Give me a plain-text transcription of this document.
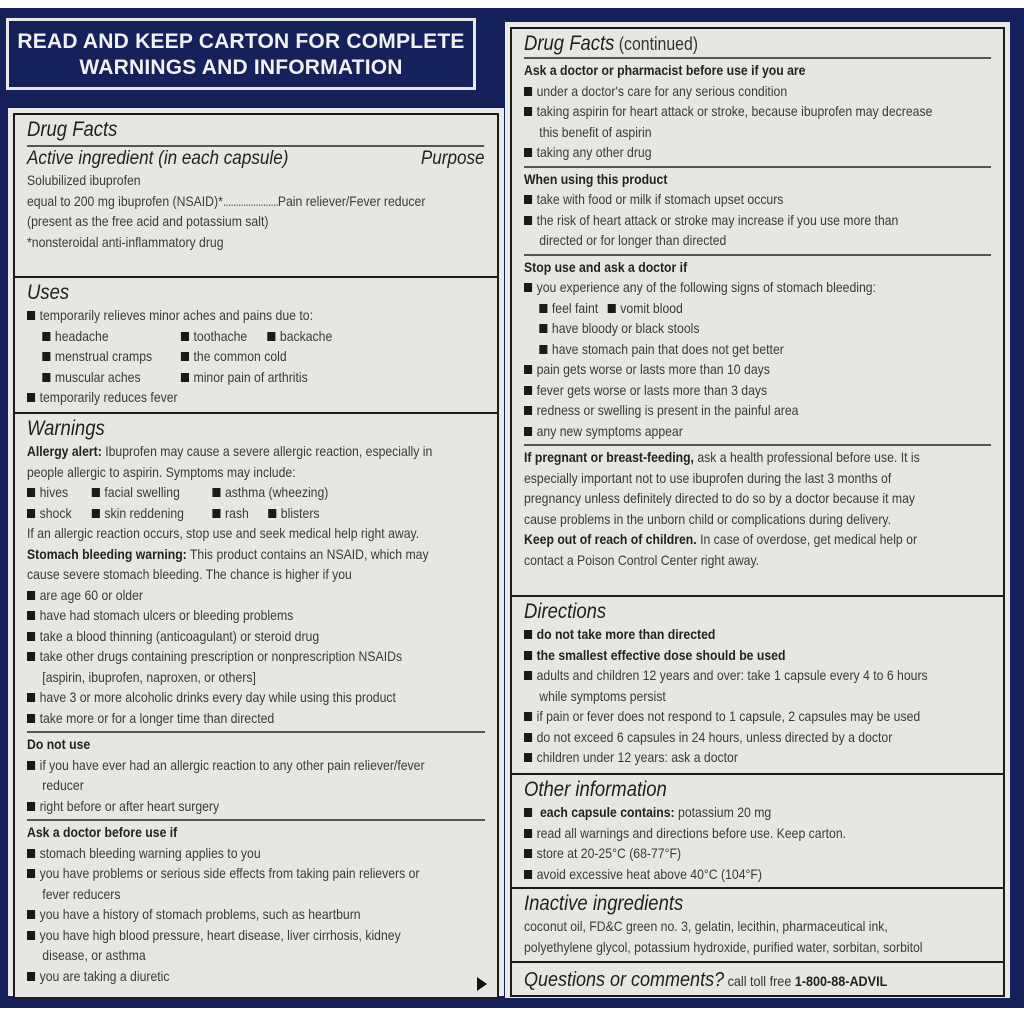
READ AND KEEP CARTON FOR COMPLETE
WARNINGS AND INFORMATION
Drug Facts
Active ingredient (in each capsule)	Purpose
Solubilized ibuprofen
equal to 200 mg ibuprofen (NSAID)* ...................... Pain reliever/Fever reducer
(present as the free acid and potassium salt)
*nonsteroidal anti-inflammatory drug
Uses
temporarily relieves minor aches and pains due to:
headache	toothache	backache
menstrual cramps	the common cold
muscular aches	minor pain of arthritis
temporarily reduces fever
Warnings
Allergy alert: Ibuprofen may cause a severe allergic reaction, especially in
people allergic to aspirin. Symptoms may include:
hives	facial swelling	asthma (wheezing)
shock	skin reddening	rash	blisters
If an allergic reaction occurs, stop use and seek medical help right away.
Stomach bleeding warning: This product contains an NSAID, which may
cause severe stomach bleeding. The chance is higher if you
are age 60 or older
have had stomach ulcers or bleeding problems
take a blood thinning (anticoagulant) or steroid drug
take other drugs containing prescription or nonprescription NSAIDs
[aspirin, ibuprofen, naproxen, or others]
have 3 or more alcoholic drinks every day while using this product
take more or for a longer time than directed
Do not use
if you have ever had an allergic reaction to any other pain reliever/fever
reducer
right before or after heart surgery
Ask a doctor before use if
stomach bleeding warning applies to you
you have problems or serious side effects from taking pain relievers or
fever reducers
you have a history of stomach problems, such as heartburn
you have high blood pressure, heart disease, liver cirrhosis, kidney
disease, or asthma
you are taking a diuretic
Drug Facts (continued)
Ask a doctor or pharmacist before use if you are
under a doctor's care for any serious condition
taking aspirin for heart attack or stroke, because ibuprofen may decrease
this benefit of aspirin
taking any other drug
When using this product
take with food or milk if stomach upset occurs
the risk of heart attack or stroke may increase if you use more than
directed or for longer than directed
Stop use and ask a doctor if
you experience any of the following signs of stomach bleeding:
feel faint	vomit blood
have bloody or black stools
have stomach pain that does not get better
pain gets worse or lasts more than 10 days
fever gets worse or lasts more than 3 days
redness or swelling is present in the painful area
any new symptoms appear
If pregnant or breast-feeding, ask a health professional before use. It is
especially important not to use ibuprofen during the last 3 months of
pregnancy unless definitely directed to do so by a doctor because it may
cause problems in the unborn child or complications during delivery.
Keep out of reach of children. In case of overdose, get medical help or
contact a Poison Control Center right away.
Directions
do not take more than directed
the smallest effective dose should be used
adults and children 12 years and over: take 1 capsule every 4 to 6 hours
while symptoms persist
if pain or fever does not respond to 1 capsule, 2 capsules may be used
do not exceed 6 capsules in 24 hours, unless directed by a doctor
children under 12 years: ask a doctor
Other information
each capsule contains: potassium 20 mg
read all warnings and directions before use. Keep carton.
store at 20-25°C (68-77°F)
avoid excessive heat above 40°C (104°F)
Inactive ingredients
coconut oil, FD&C green no. 3, gelatin, lecithin, pharmaceutical ink,
polyethylene glycol, potassium hydroxide, purified water, sorbitan, sorbitol
Questions or comments? call toll free 1-800-88-ADVIL
